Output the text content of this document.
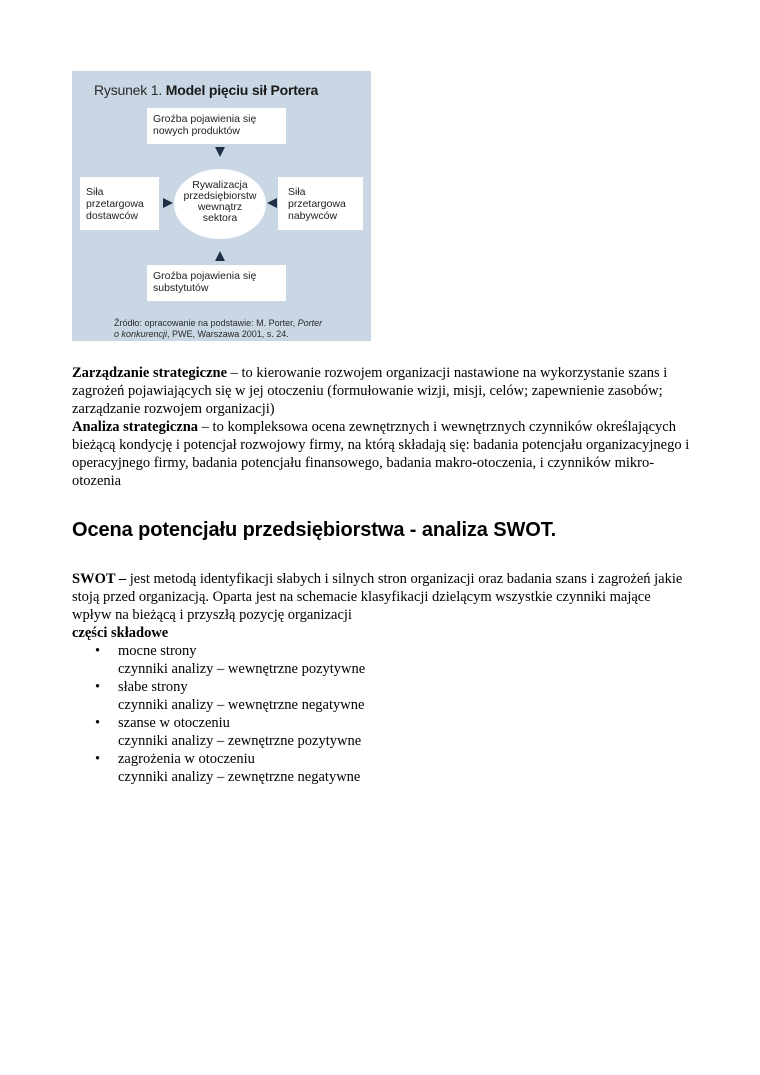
Rysunek 1. Model pięciu sił Portera
Groźba pojawienia się
nowych produktów
Siła
przetargowa
dostawców
Rywalizacja
przedsiębiorstw
wewnątrz
sektora
Siła
przetargowa
nabywców
Groźba pojawienia się
substytutów
Źródło: opracowanie na podstawie: M. Porter, Porter
o konkurencji, PWE, Warszawa 2001, s. 24.
Zarządzanie strategiczne – to kierowanie rozwojem organizacji nastawione na wykorzystanie szans i zagrożeń pojawiających się w jej otoczeniu (formułowanie wizji, misji, celów; zapewnienie zasobów; zarządzanie rozwojem organizacji)
Analiza strategiczna – to kompleksowa ocena zewnętrznych i wewnętrznych czynników określających bieżącą kondycję i potencjał rozwojowy firmy, na którą składają się: badania potencjału organizacyjnego i operacyjnego firmy, badania potencjału finansowego, badania makro-otoczenia, i czynników mikro-otozenia
Ocena potencjału przedsiębiorstwa - analiza SWOT.
SWOT – jest metodą identyfikacji słabych i silnych stron organizacji oraz badania szans i zagrożeń jakie stoją przed organizacją. Oparta jest na schemacie klasyfikacji dzielącym wszystkie czynniki mające wpływ na bieżącą i przyszłą pozycję organizacji
części składowe
• mocne strony
czynniki analizy – wewnętrzne pozytywne
• słabe strony
czynniki analizy – wewnętrzne negatywne
• szanse w otoczeniu
czynniki analizy – zewnętrzne pozytywne
• zagrożenia w otoczeniu
czynniki analizy – zewnętrzne negatywne
